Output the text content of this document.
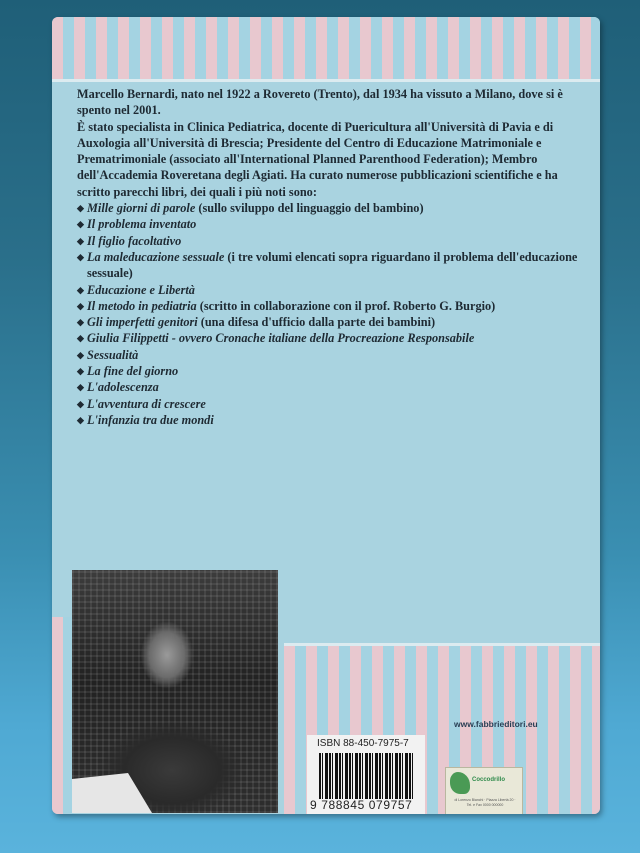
Marcello Bernardi, nato nel 1922 a Rovereto (Trento), dal 1934 ha vissuto a Milano, dove si è spento nel 2001.

È stato specialista in Clinica Pediatrica, docente di Puericultura all'Università di Pavia e di Auxologia all'Università di Brescia; Presidente del Centro di Educazione Matrimoniale e Prematrimoniale (associato all'International Planned Parenthood Federation); Membro dell'Accademia Roveretana degli Agiati. Ha curato numerose pubblicazioni scientifiche e ha scritto parecchi libri, dei quali i più noti sono:

◆ Mille giorni di parole (sullo sviluppo del linguaggio del bambino)
◆ Il problema inventato
◆ Il figlio facoltativo
◆ La maleducazione sessuale (i tre volumi elencati sopra riguardano il problema dell'educazione sessuale)
◆ Educazione e Libertà
◆ Il metodo in pediatria (scritto in collaborazione con il prof. Roberto G. Burgio)
◆ Gli imperfetti genitori (una difesa d'ufficio dalla parte dei bambini)
◆ Giulia Filippetti - ovvero Cronache italiane della Procreazione Responsabile
◆ Sessualità
◆ La fine del giorno
◆ L'adolescenza
◆ L'avventura di crescere
◆ L'infanzia tra due mondi
ISBN 88-450-7975-7
9 788845 079757
www.fabbrieditori.eu
Coccodrillo
di Lorenzo Bianchi · Piazza Libertà 20 · Tel. e Fax 0000 000000
